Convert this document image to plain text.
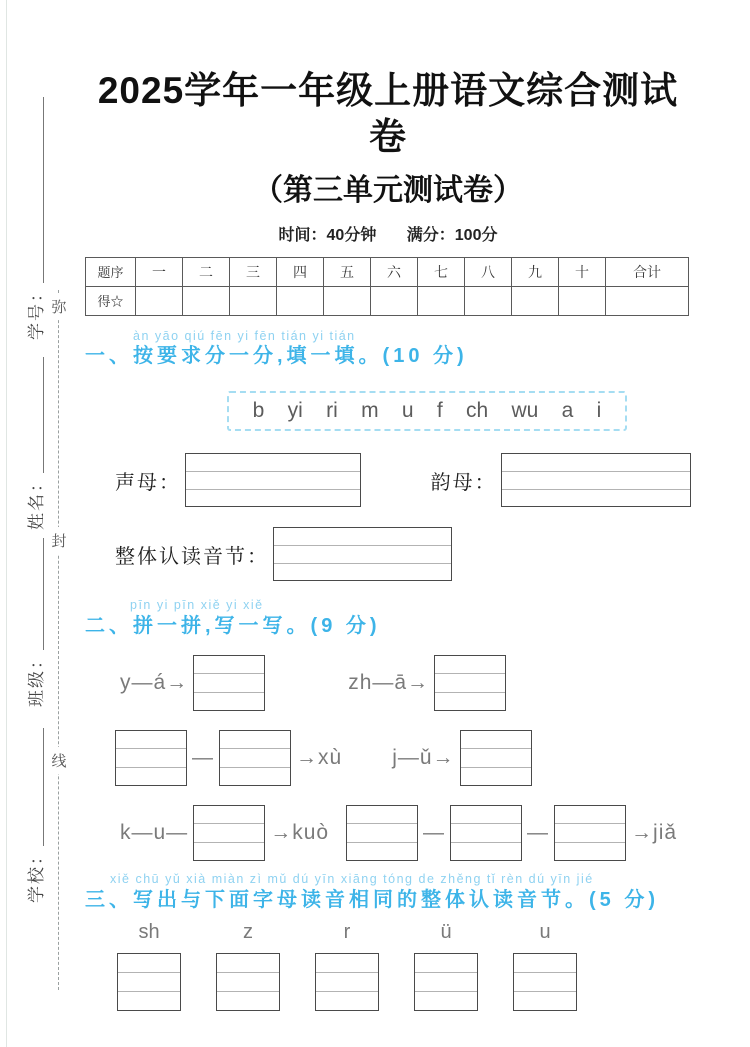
学号：
姓名：
班级：
学校：
弥
封
线
2025学年一年级上册语文综合测试卷
（第三单元测试卷）
时间：40分钟 满分：100分
题序	一	二	三	四	五	六	七	八	九	十	合计
得☆											
àn yāo qiú fēn yi fēn tián yi tián
一、按要求分一分,填一填。(10 分)
b yi ri m u f ch wu a i
声母：	韵母：
整体认读音节：
pīn yi pīn xiě yi xiě
二、拼一拼,写一写。(9 分)
y—á→	zh—ā→
—	→xù j—ǔ→
k—u—	→kuò	—	—	→jiǎ
xiě chū yǔ xià miàn zì mǔ dú yīn xiāng tóng de zhěng tǐ rèn dú yīn jié
三、写出与下面字母读音相同的整体认读音节。(5 分)
sh	z	r	ü	u
